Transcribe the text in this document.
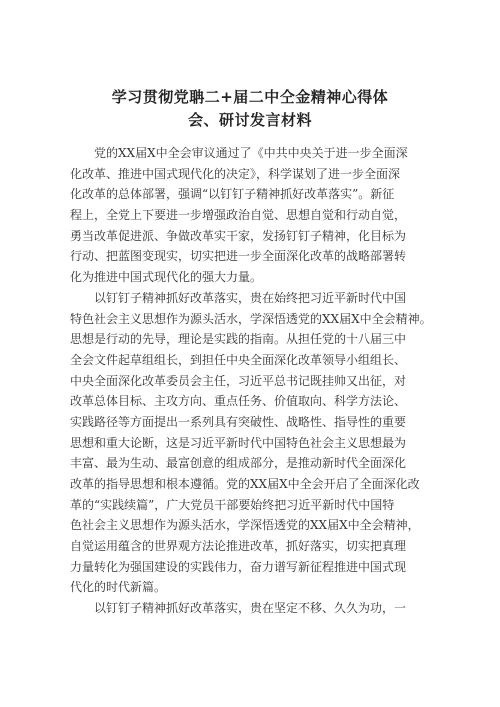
学习贯彻党聃二+届二中仝金精神心得体
会、研讨发言材料
党的XX届X中全会审议通过了《中共中央关于进一步全面深
化改革、推进中国式现代化的决定》，科学谋划了进一步全面深
化改革的总体部署，强调“以钉钉子精神抓好改革落实”。新征
程上，全党上下要进一步增强政治自觉、思想自觉和行动自觉，
勇当改革促进派、争做改革实干家，发扬钉钉子精神，化目标为
行动、把蓝图变现实，切实把进一步全面深化改革的战略部署转
化为推进中国式现代化的强大力量。
以钉钉子精神抓好改革落实，贵在始终把习近平新时代中国
特色社会主义思想作为源头活水，学深悟透党的XX届X中全会精神。
思想是行动的先导，理论是实践的指南。从担任党的十八届三中
全会文件起草组组长，到担任中央全面深化改革领导小组组长、
中央全面深化改革委员会主任，习近平总书记既挂帅又出征，对
改革总体目标、主攻方向、重点任务、价值取向、科学方法论、
实践路径等方面提出一系列具有突破性、战略性、指导性的重要
思想和重大论断，这是习近平新时代中国特色社会主义思想最为
丰富、最为生动、最富创意的组成部分，是推动新时代全面深化
改革的指导思想和根本遵循。党的XX届X中全会开启了全面深化改
革的“实践续篇”，广大党员干部要始终把习近平新时代中国特
色社会主义思想作为源头活水，学深悟透党的XX届X中全会精神，
自觉运用蕴含的世界观方法论推进改革，抓好落实，切实把真理
力量转化为强国建设的实践伟力，奋力谱写新征程推进中国式现
代化的时代新篇。
以钉钉子精神抓好改革落实，贵在坚定不移、久久为功，一
